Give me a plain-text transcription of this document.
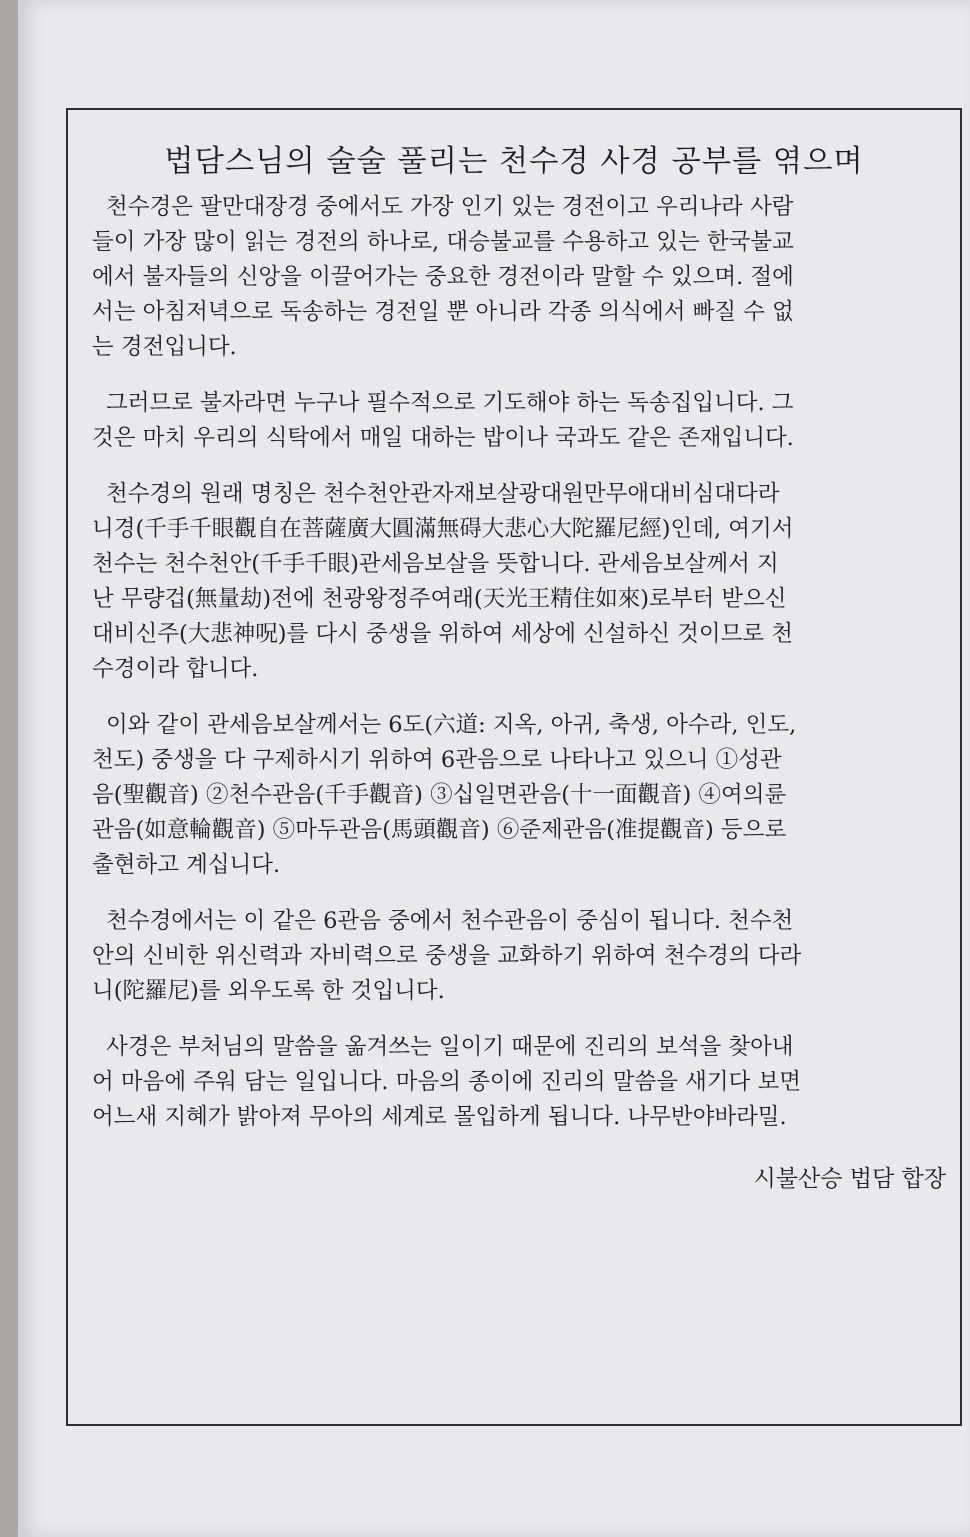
법담스님의 술술 풀리는 천수경 사경 공부를 엮으며

천수경은 팔만대장경 중에서도 가장 인기 있는 경전이고 우리나라 사람
들이 가장 많이 읽는 경전의 하나로, 대승불교를 수용하고 있는 한국불교
에서 불자들의 신앙을 이끌어가는 중요한 경전이라 말할 수 있으며. 절에
서는 아침저녁으로 독송하는 경전일 뿐 아니라 각종 의식에서 빠질 수 없
는 경전입니다.

그러므로 불자라면 누구나 필수적으로 기도해야 하는 독송집입니다. 그
것은 마치 우리의 식탁에서 매일 대하는 밥이나 국과도 같은 존재입니다.

천수경의 원래 명칭은 천수천안관자재보살광대원만무애대비심대다라
니경(千手千眼觀自在菩薩廣大圓滿無碍大悲心大陀羅尼經)인데, 여기서
천수는 천수천안(千手千眼)관세음보살을 뜻합니다. 관세음보살께서 지
난 무량겁(無量劫)전에 천광왕정주여래(天光王精住如來)로부터 받으신
대비신주(大悲神呪)를 다시 중생을 위하여 세상에 신설하신 것이므로 천
수경이라 합니다.

이와 같이 관세음보살께서는 6도(六道: 지옥, 아귀, 축생, 아수라, 인도,
천도) 중생을 다 구제하시기 위하여 6관음으로 나타나고 있으니 ①성관
음(聖觀音) ②천수관음(千手觀音) ③십일면관음(十一面觀音) ④여의륜
관음(如意輪觀音) ⑤마두관음(馬頭觀音) ⑥준제관음(准提觀音) 등으로
출현하고 계십니다.

천수경에서는 이 같은 6관음 중에서 천수관음이 중심이 됩니다. 천수천
안의 신비한 위신력과 자비력으로 중생을 교화하기 위하여 천수경의 다라
니(陀羅尼)를 외우도록 한 것입니다.

사경은 부처님의 말씀을 옮겨쓰는 일이기 때문에 진리의 보석을 찾아내
어 마음에 주워 담는 일입니다. 마음의 종이에 진리의 말씀을 새기다 보면
어느새 지혜가 밝아져 무아의 세계로 몰입하게 됩니다. 나무반야바라밀.

시불산승 법담 합장
